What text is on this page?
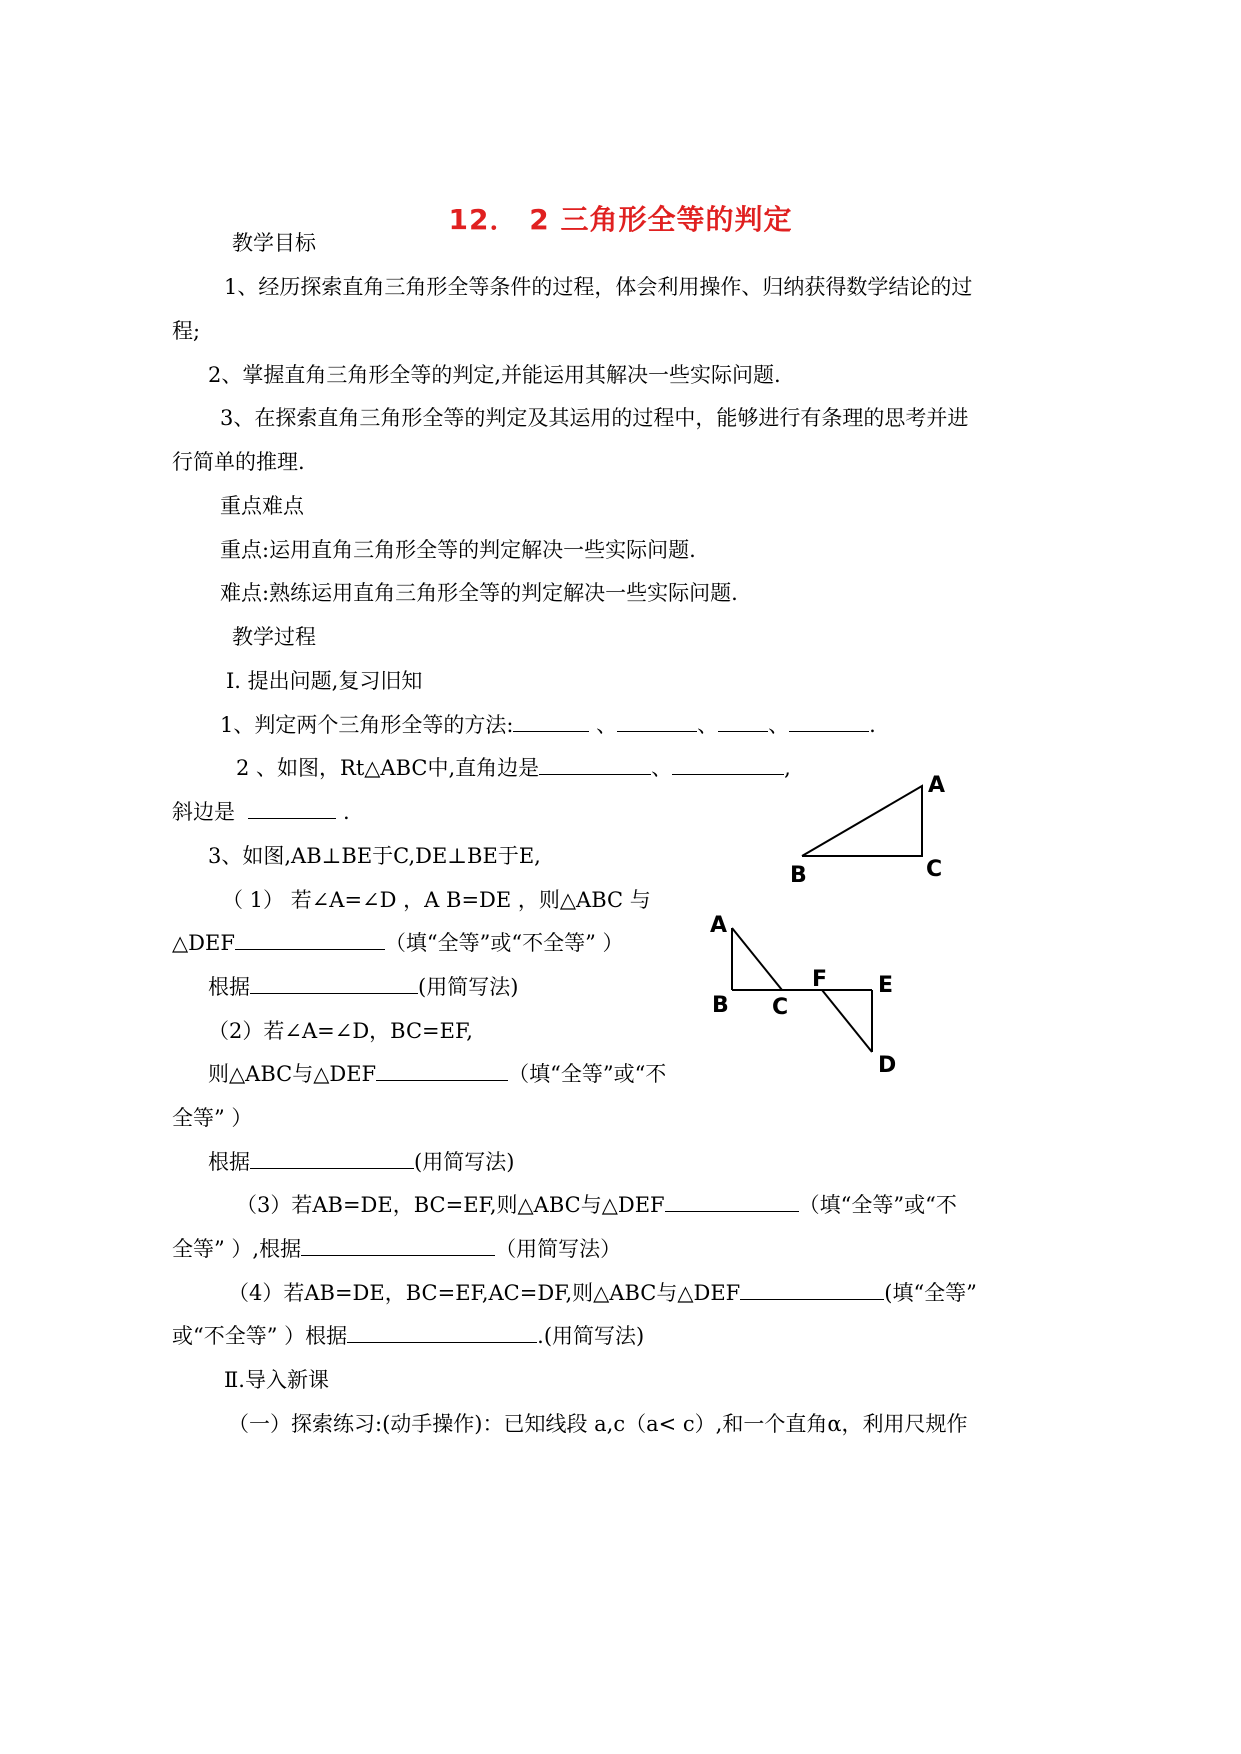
12． 2 三角形全等的判定
教学目标
1、经历探索直角三角形全等条件的过程，体会利用操作、归纳获得数学结论的过
程;
2、掌握直角三角形全等的判定,并能运用其解决一些实际问题.
3、在探索直角三角形全等的判定及其运用的过程中，能够进行有条理的思考并进
行简单的推理.
重点难点
重点:运用直角三角形全等的判定解决一些实际问题.
难点:熟练运用直角三角形全等的判定解决一些实际问题.
教学过程
Ⅰ. 提出问题,复习旧知
1、判定两个三角形全等的方法:	、	、 、	.
2 、如图，Rt△ABC中,直角边是	、	,
斜边是	.
3、如图,AB⊥BE于C,DE⊥BE于E,
（ 1） 若∠A=∠D ，A B=DE ，则△ABC 与
△DEF	（填“全等”或“不全等” ）
根据	(用简写法)
（2）若∠A=∠D，BC=EF,
则△ABC与△DEF	（填“全等”或“不
全等” ）
根据	(用简写法)
（3）若AB=DE，BC=EF,则△ABC与△DEF	（填“全等”或“不
全等” ）,根据	（用简写法）
（4）若AB=DE，BC=EF,AC=DF,则△ABC与△DEF	(填“全等”
或“不全等” ）根据	.(用简写法)
Ⅱ.导入新课
（一）探索练习:(动手操作)：已知线段 a,c（a< c）,和一个直角α，利用尺规作
A
B	C
A
B C
F E
D
